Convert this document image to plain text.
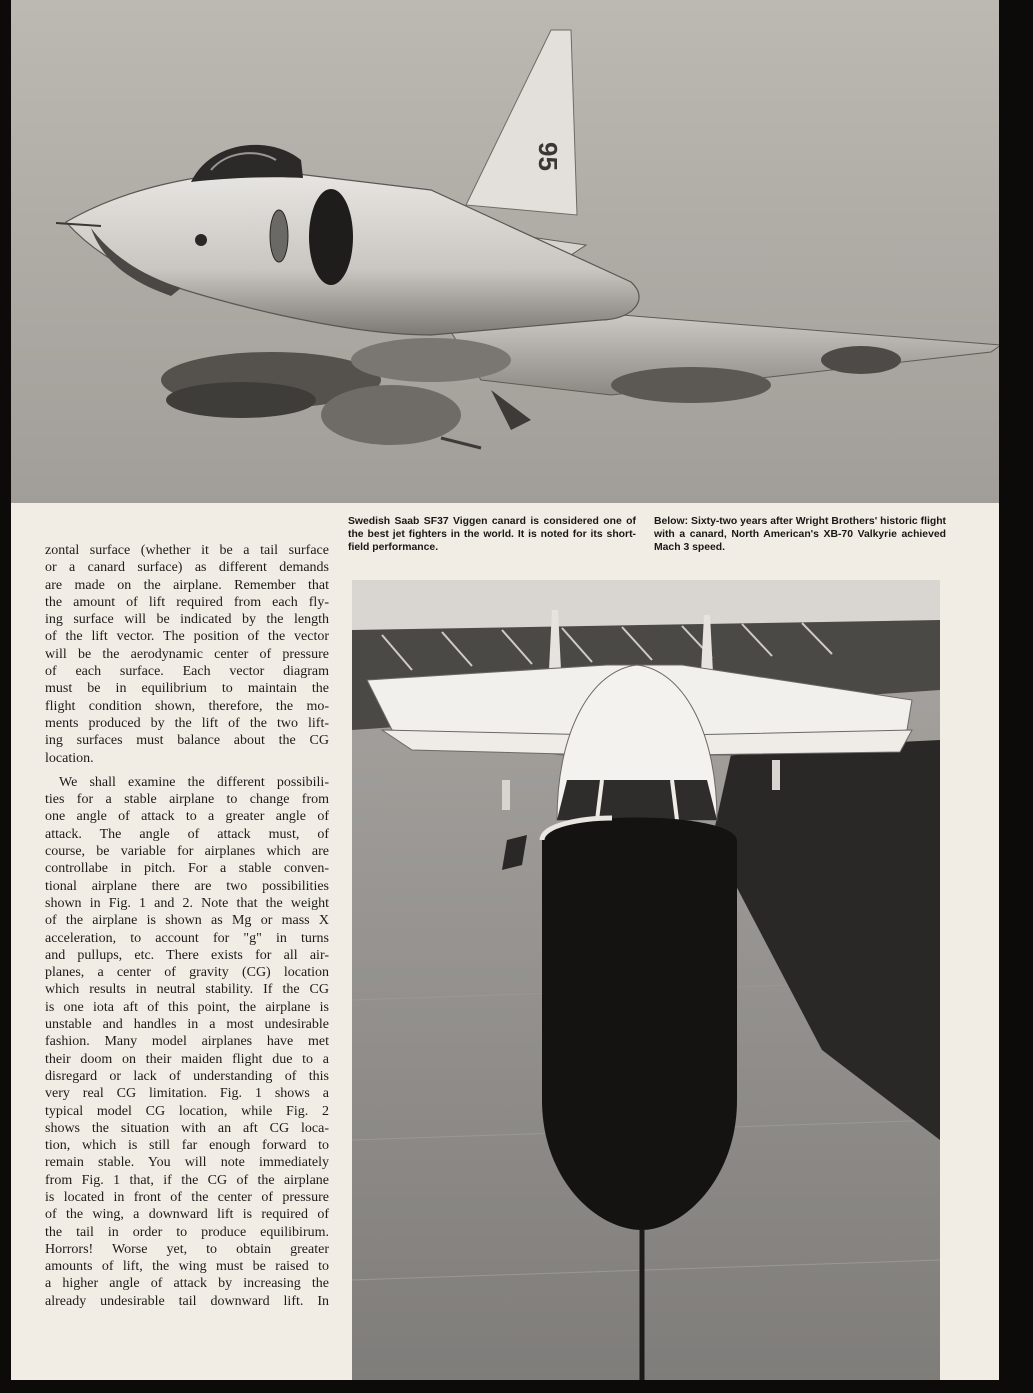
95
Swedish Saab SF37 Viggen canard is considered one of the best jet fighters in the world. It is noted for its short-field performance.
Below: Sixty-two years after Wright Brothers' historic flight with a canard, North American's XB-70 Valkyrie achieved Mach 3 speed.

zontal surface (whether it be a tail surface
or a canard surface) as different demands
are made on the airplane. Remember that
the amount of lift required from each fly-
ing surface will be indicated by the length
of the lift vector. The position of the vector
will be the aerodynamic center of pressure
of each surface. Each vector diagram
must be in equilibrium to maintain the
flight condition shown, therefore, the mo-
ments produced by the lift of the two lift-
ing surfaces must balance about the CG
location.

We shall examine the different possibili-
ties for a stable airplane to change from
one angle of attack to a greater angle of
attack. The angle of attack must, of
course, be variable for airplanes which are
controllabe in pitch. For a stable conven-
tional airplane there are two possibilities
shown in Fig. 1 and 2. Note that the weight
of the airplane is shown as Mg or mass X
acceleration, to account for "g" in turns
and pullups, etc. There exists for all air-
planes, a center of gravity (CG) location
which results in neutral stability. If the CG
is one iota aft of this point, the airplane is
unstable and handles in a most undesirable
fashion. Many model airplanes have met
their doom on their maiden flight due to a
disregard or lack of understanding of this
very real CG limitation. Fig. 1 shows a
typical model CG location, while Fig. 2
shows the situation with an aft CG loca-
tion, which is still far enough forward to
remain stable. You will note immediately
from Fig. 1 that, if the CG of the airplane
is located in front of the center of pressure
of the wing, a downward lift is required of
the tail in order to produce equilibirum.
Horrors! Worse yet, to obtain greater
amounts of lift, the wing must be raised to
a higher angle of attack by increasing the
already undesirable tail downward lift. In
